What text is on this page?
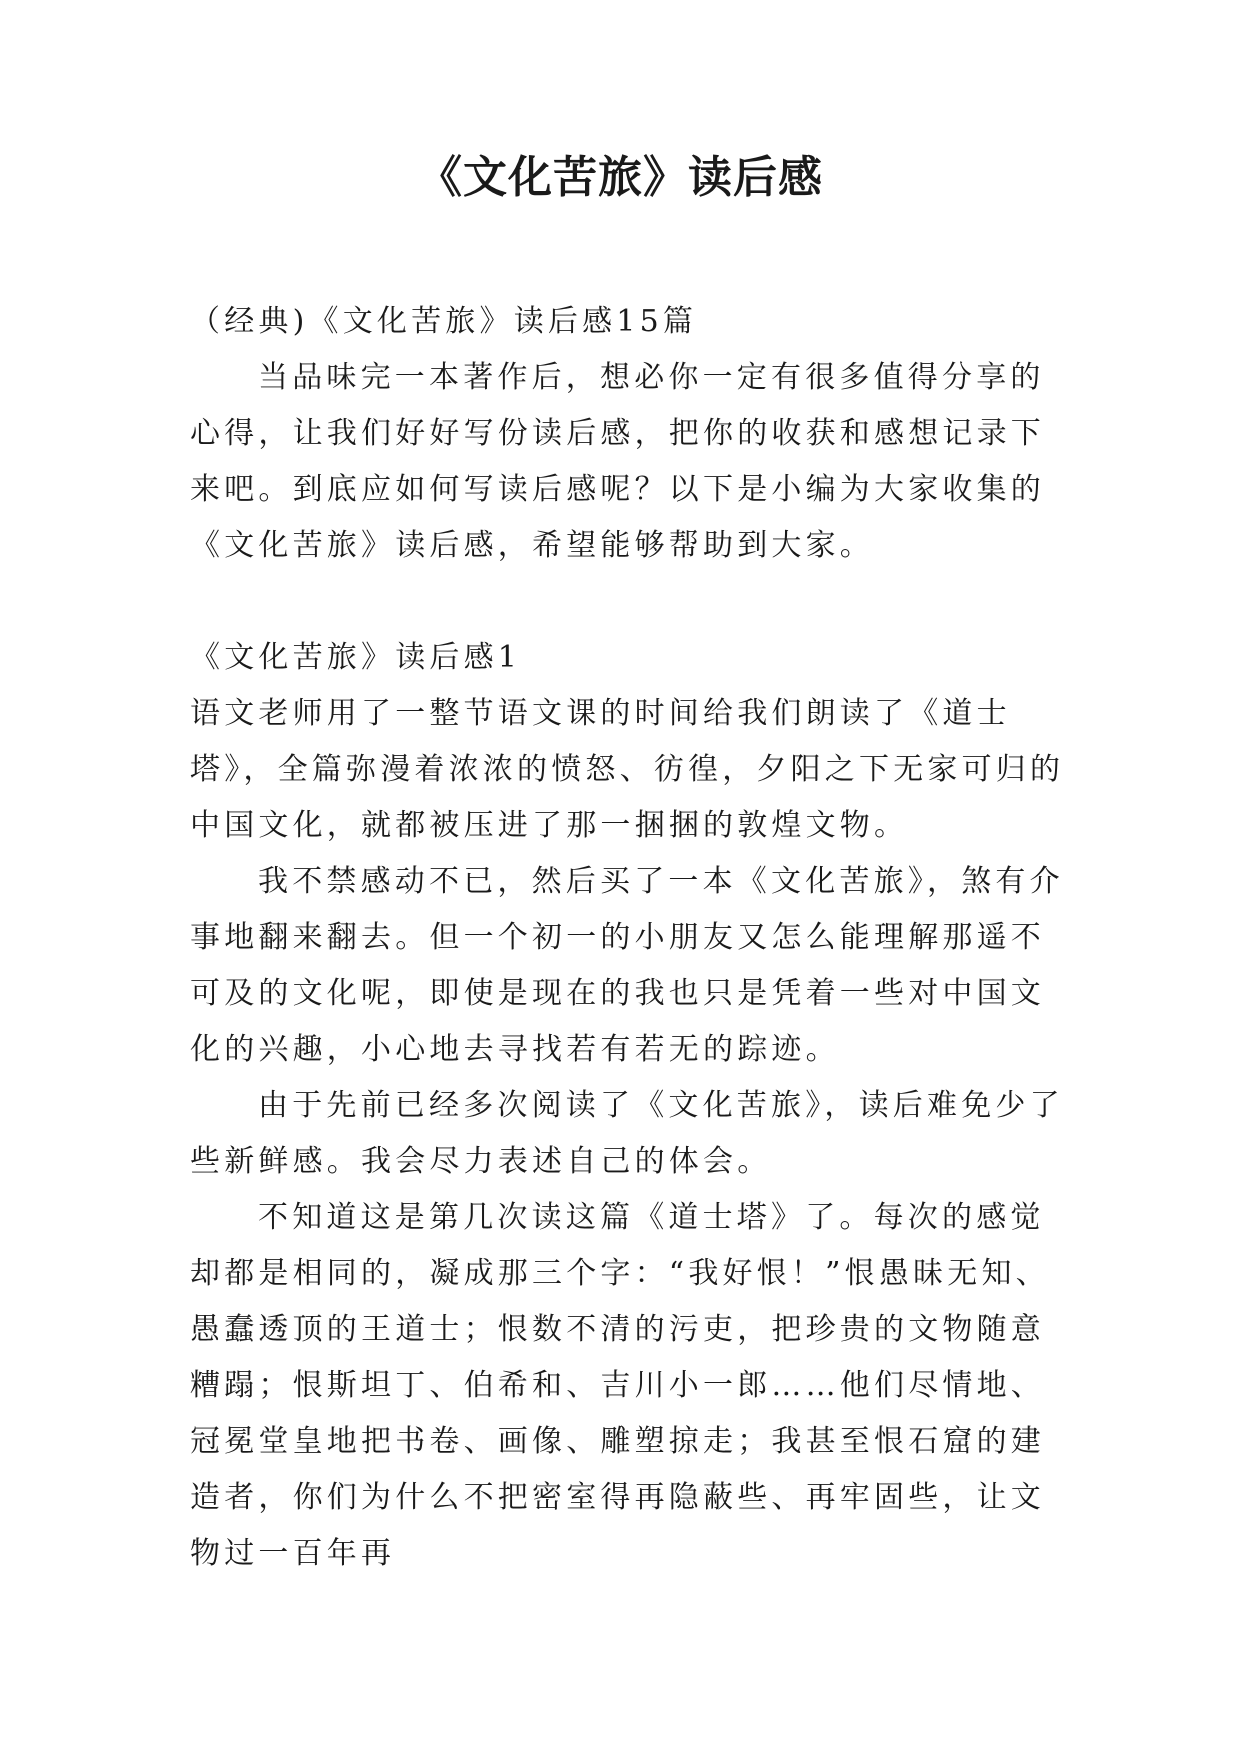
《文化苦旅》读后感

（经典)《文化苦旅》读后感15篇

当品味完一本著作后，想必你一定有很多值得分享的心得，让我们好好写份读后感，把你的收获和感想记录下来吧。到底应如何写读后感呢？以下是小编为大家收集的《文化苦旅》读后感，希望能够帮助到大家。

《文化苦旅》读后感1

语文老师用了一整节语文课的时间给我们朗读了《道士塔》，全篇弥漫着浓浓的愤怒、彷徨，夕阳之下无家可归的中国文化，就都被压进了那一捆捆的敦煌文物。

我不禁感动不已，然后买了一本《文化苦旅》，煞有介事地翻来翻去。但一个初一的小朋友又怎么能理解那遥不可及的文化呢，即使是现在的我也只是凭着一些对中国文化的兴趣，小心地去寻找若有若无的踪迹。

由于先前已经多次阅读了《文化苦旅》，读后难免少了些新鲜感。我会尽力表述自己的体会。

不知道这是第几次读这篇《道士塔》了。每次的感觉却都是相同的，凝成那三个字：“我好恨！”恨愚昧无知、愚蠢透顶的王道士；恨数不清的污吏，把珍贵的文物随意糟蹋；恨斯坦丁、伯希和、吉川小一郎……他们尽情地、冠冕堂皇地把书卷、画像、雕塑掠走；我甚至恨石窟的建造者，你们为什么不把密室得再隐蔽些、再牢固些，让文物过一百年再
